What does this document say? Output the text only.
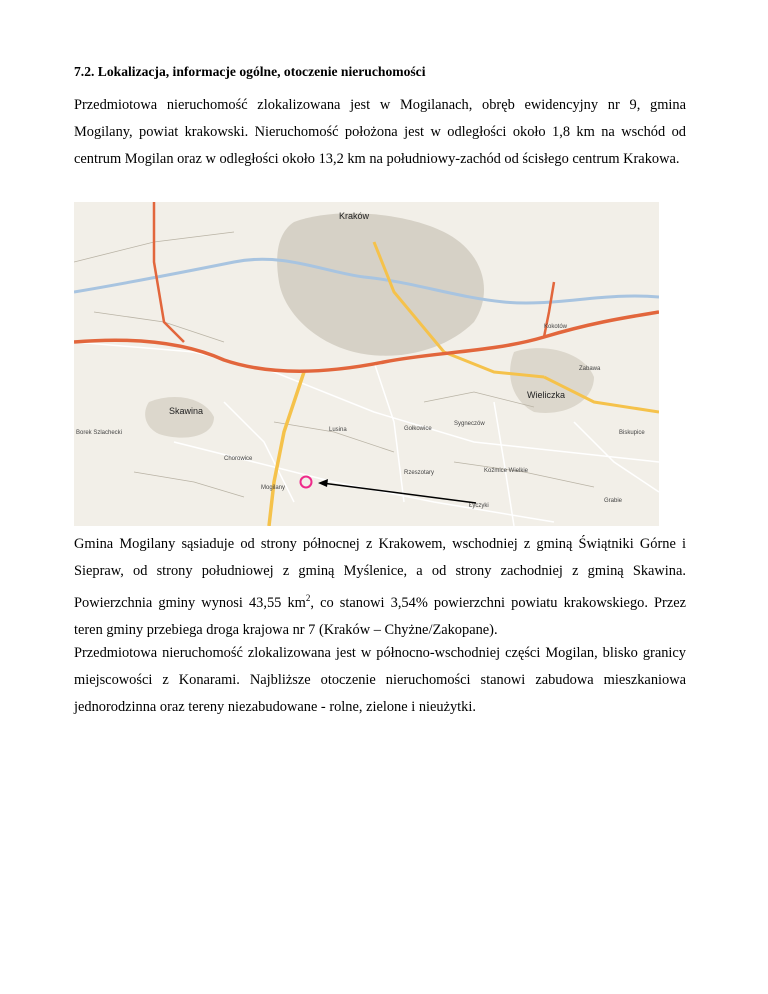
7.2. Lokalizacja, informacje ogólne, otoczenie nieruchomości

Przedmiotowa nieruchomość zlokalizowana jest w Mogilanach, obręb ewidencyjny nr 9, gmina Mogilany, powiat krakowski. Nieruchomość położona jest w odległości około 1,8 km na wschód od centrum Mogilan oraz w odległości około 13,2 km na południowy-zachód od ścisłego centrum Krakowa.

Gmina Mogilany sąsiaduje od strony północnej z Krakowem, wschodniej z gminą Świątniki Górne i Siepraw, od strony południowej z gminą Myślenice, a od strony zachodniej z gminą Skawina. Powierzchnia gminy wynosi 43,55 $km^2$, co stanowi 3,54% powierzchni powiatu krakowskiego. Przez teren gminy przebiega droga krajowa nr 7 (Kraków – Chyżne/Zakopane).

Przedmiotowa nieruchomość zlokalizowana jest w północno-wschodniej części Mogilan, blisko granicy miejscowości z Konarami. Najbliższe otoczenie nieruchomości stanowi zabudowa mieszkaniowa jednorodzinna oraz tereny niezabudowane - rolne, zielone i nieużytki.

Kraków
Wieliczka
Skawina
Mogilany
Chorowice
Lusina
Sygneczów
Grabie
Gołkowice
Kokotów
Zabawa
Łyczyki
Koźmice Wielkie
Biskupice
Borek Szlachecki
Rzeszotary
